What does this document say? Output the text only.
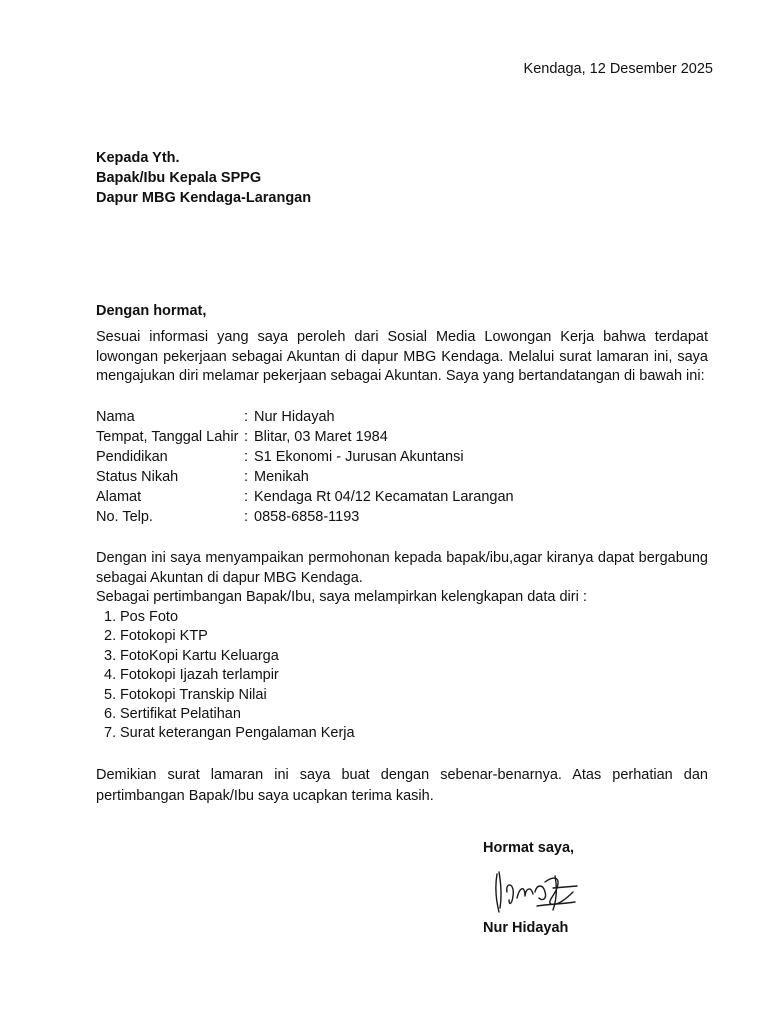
Kendaga, 12 Desember 2025
Kepada Yth.
Bapak/Ibu Kepala SPPG
Dapur MBG Kendaga-Larangan
Dengan hormat,
Sesuai informasi yang saya peroleh dari Sosial Media Lowongan Kerja bahwa terdapat lowongan pekerjaan sebagai Akuntan di dapur MBG Kendaga. Melalui surat lamaran ini, saya mengajukan diri melamar pekerjaan sebagai Akuntan. Saya yang bertandatangan di bawah ini:
Nama	: Nur Hidayah
Tempat, Tanggal Lahir : Blitar, 03 Maret 1984
Pendidikan	: S1 Ekonomi - Jurusan Akuntansi
Status Nikah	: Menikah
Alamat	: Kendaga Rt 04/12 Kecamatan Larangan
No. Telp.	: 0858-6858-1193
Dengan ini saya menyampaikan permohonan kepada bapak/ibu,agar kiranya dapat bergabung sebagai Akuntan di dapur MBG Kendaga.
Sebagai pertimbangan Bapak/Ibu, saya melampirkan kelengkapan data diri :
1. Pos Foto
2. Fotokopi KTP
3. FotoKopi Kartu Keluarga
4. Fotokopi Ijazah terlampir
5. Fotokopi Transkip Nilai
6. Sertifikat Pelatihan
7. Surat keterangan Pengalaman Kerja
Demikian surat lamaran ini saya buat dengan sebenar-benarnya. Atas perhatian dan pertimbangan Bapak/Ibu saya ucapkan terima kasih.
Hormat saya,
Nur Hidayah
